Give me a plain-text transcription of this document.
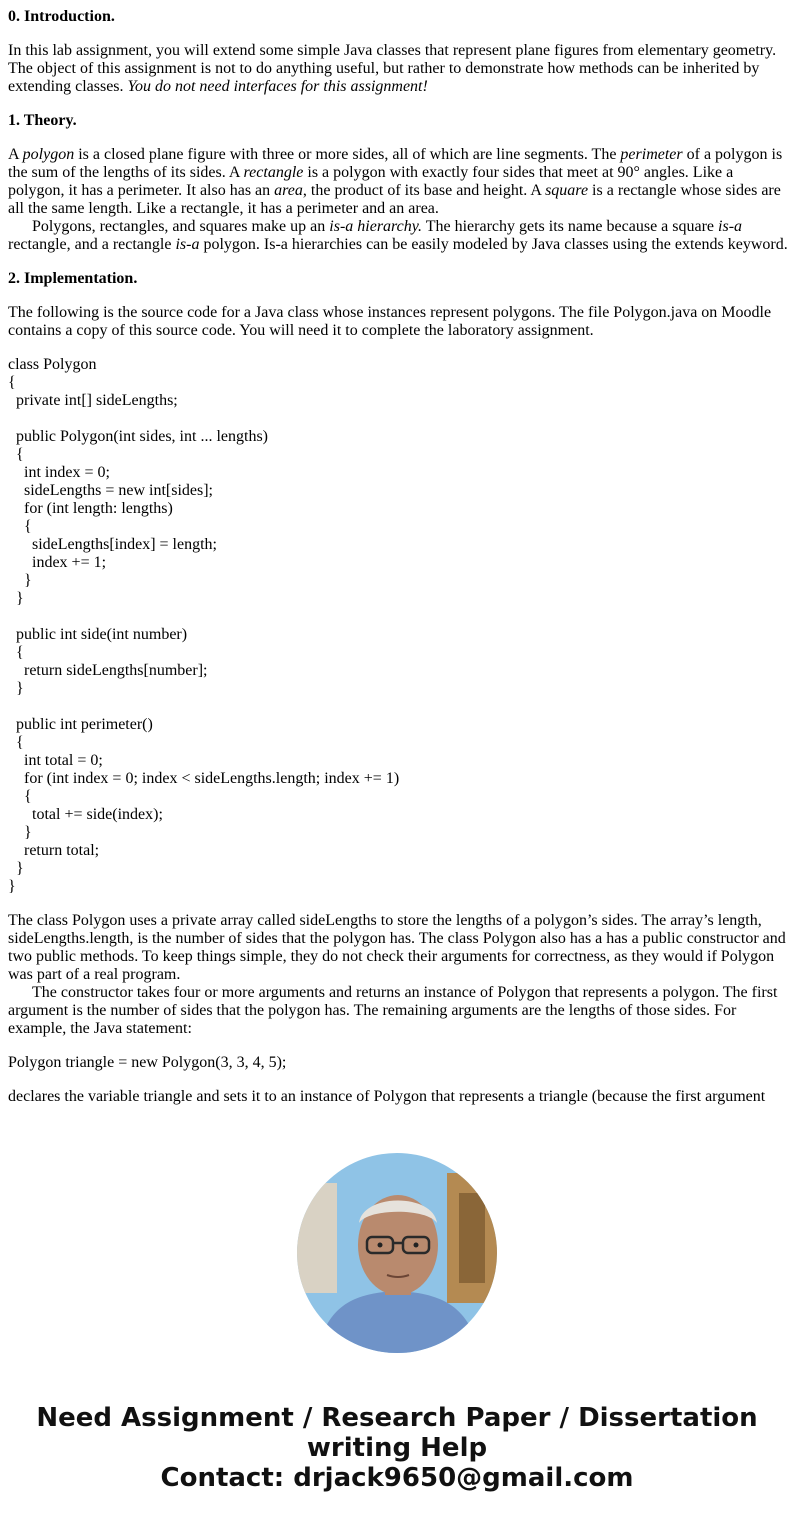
0. Introduction.
In this lab assignment, you will extend some simple Java classes that represent plane figures from elementary geometry. The object of this assignment is not to do anything useful, but rather to demonstrate how methods can be inherited by extending classes. You do not need interfaces for this assignment!
1. Theory.
A polygon is a closed plane figure with three or more sides, all of which are line segments. The perimeter of a polygon is the sum of the lengths of its sides. A rectangle is a polygon with exactly four sides that meet at 90° angles. Like a polygon, it has a perimeter. It also has an area, the product of its base and height. A square is a rectangle whose sides are all the same length. Like a rectangle, it has a perimeter and an area.
Polygons, rectangles, and squares make up an is-a hierarchy. The hierarchy gets its name because a square is-a rectangle, and a rectangle is-a polygon. Is-a hierarchies can be easily modeled by Java classes using the extends keyword.
2. Implementation.
The following is the source code for a Java class whose instances represent polygons. The file Polygon.java on Moodle contains a copy of this source code. You will need it to complete the laboratory assignment.
class Polygon
{
private int[] sideLengths;
public Polygon(int sides, int ... lengths)
{
int index = 0;
sideLengths = new int[sides];
for (int length: lengths)
{
sideLengths[index] = length;
index += 1;
}
}
public int side(int number)
{
return sideLengths[number];
}
public int perimeter()
{
int total = 0;
for (int index = 0; index < sideLengths.length; index += 1)
{
total += side(index);
}
return total;
}
}
The class Polygon uses a private array called sideLengths to store the lengths of a polygon’s sides. The array’s length, sideLengths.length, is the number of sides that the polygon has. The class Polygon also has a has a public constructor and two public methods. To keep things simple, they do not check their arguments for correctness, as they would if Polygon was part of a real program.
The constructor takes four or more arguments and returns an instance of Polygon that represents a polygon. The first argument is the number of sides that the polygon has. The remaining arguments are the lengths of those sides. For example, the Java statement:
Polygon triangle = new Polygon(3, 3, 4, 5);
declares the variable triangle and sets it to an instance of Polygon that represents a triangle (because the first argument
Need Assignment / Research Paper / Dissertation
writing Help
Contact: drjack9650@gmail.com
